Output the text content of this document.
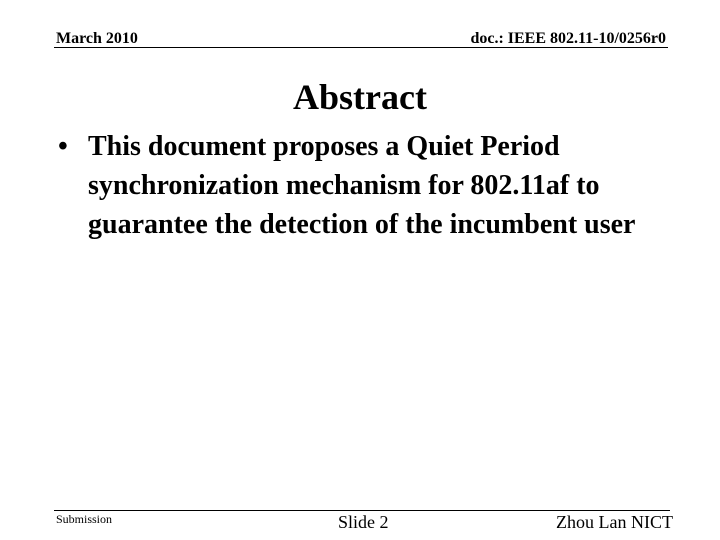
March 2010	doc.: IEEE 802.11-10/0256r0
Abstract
• This document proposes a Quiet Period synchronization mechanism for 802.11af to guarantee the detection of the incumbent user
Submission	Slide 2	Zhou Lan NICT
